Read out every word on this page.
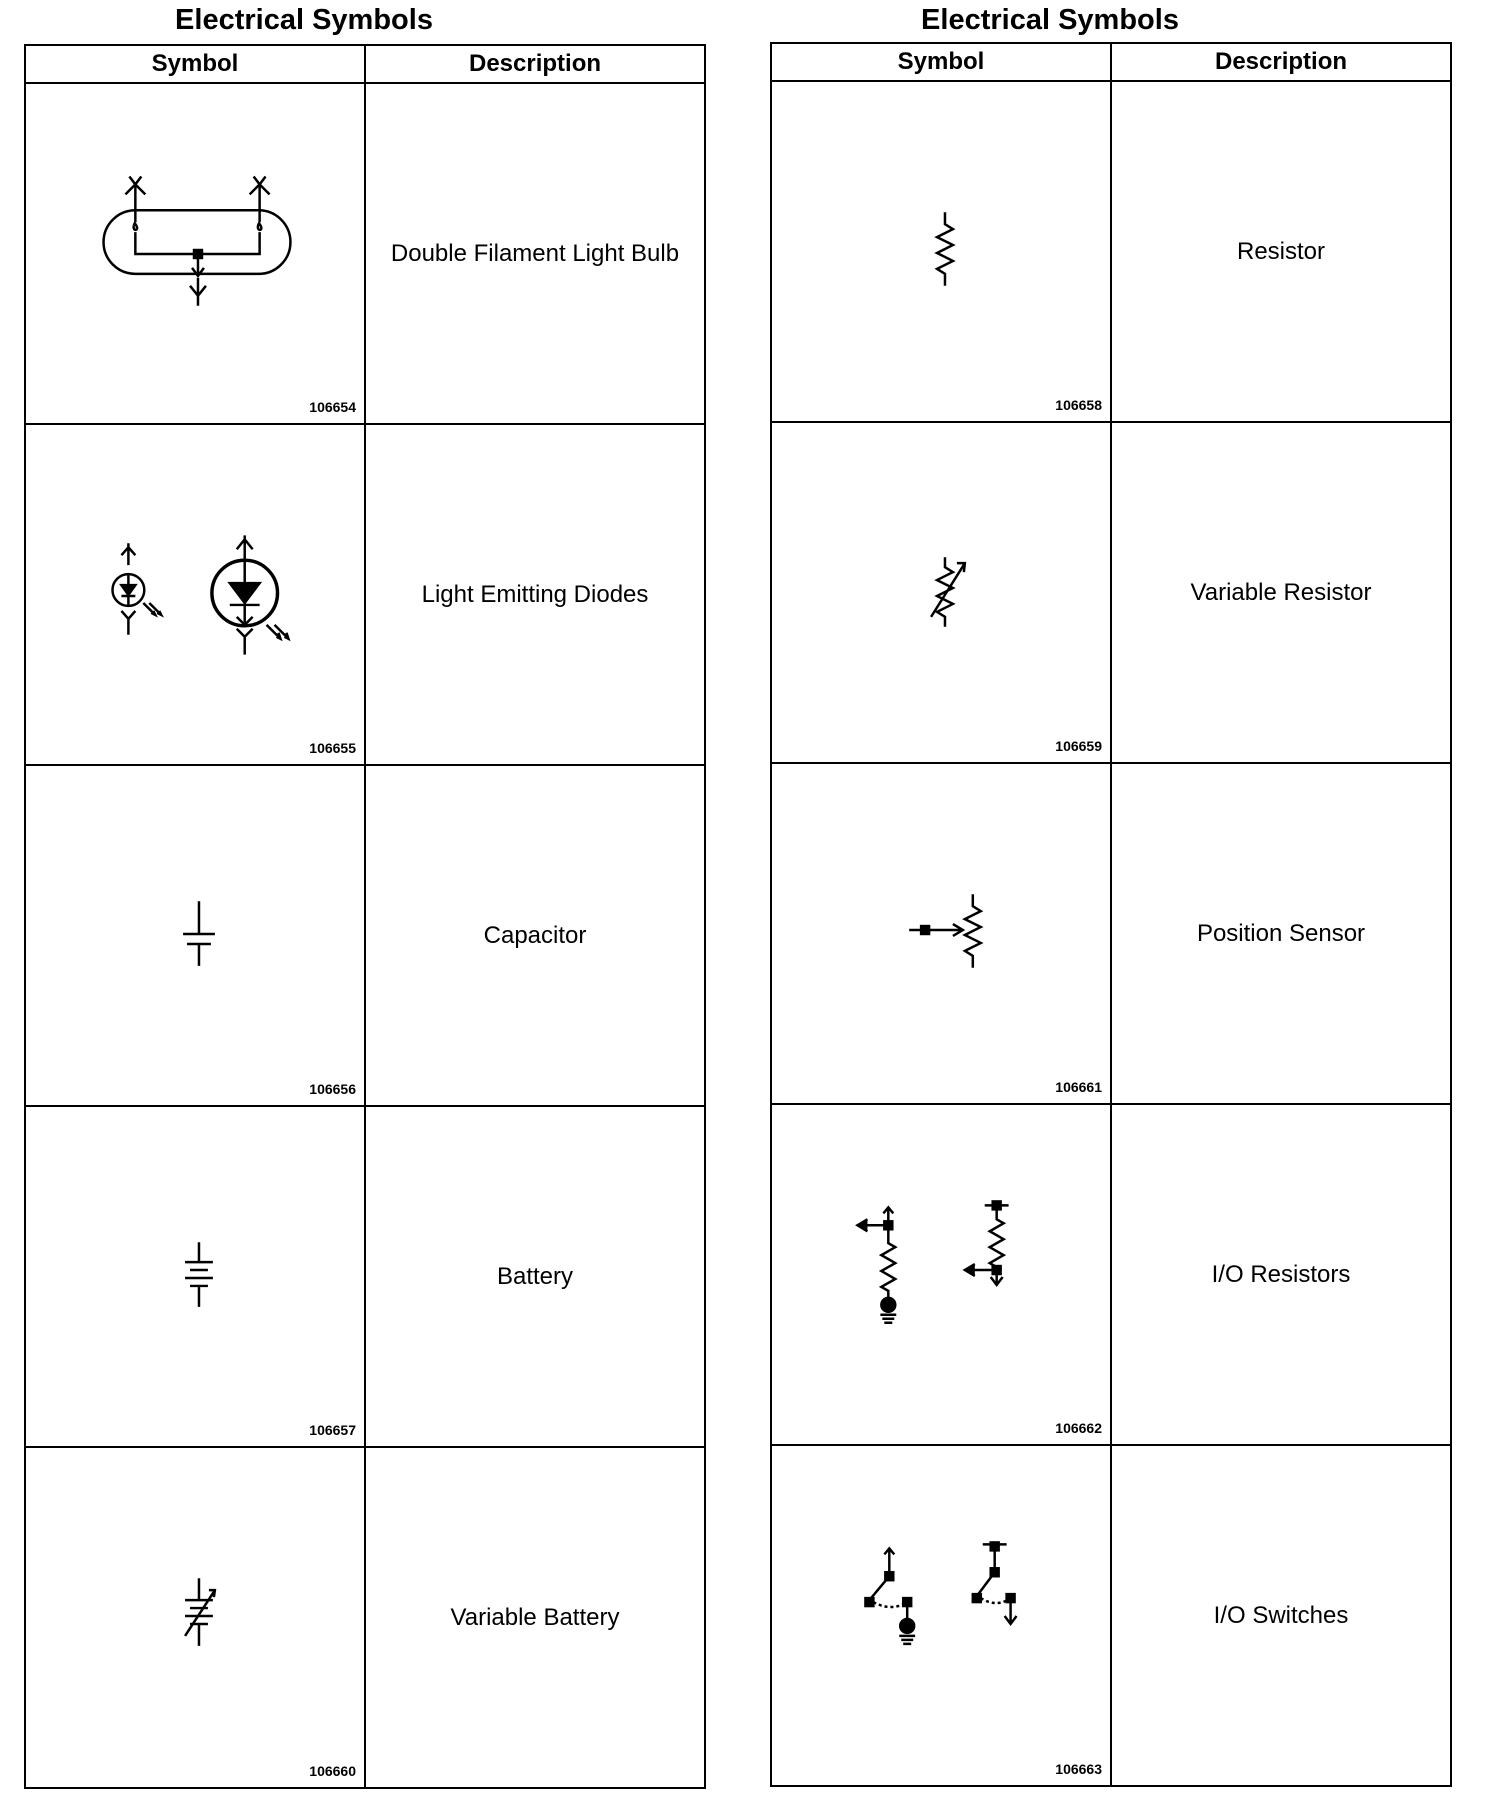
Electrical Symbols
Symbol	Description

106654	Double Filament Light Bulb

106655	Light Emitting Diodes

106656	Capacitor

106657	Battery

106660	Variable Battery
Electrical Symbols
Symbol	Description

106658	Resistor

106659	Variable Resistor

106661	Position Sensor

106662	I/O Resistors

106663	I/O Switches
